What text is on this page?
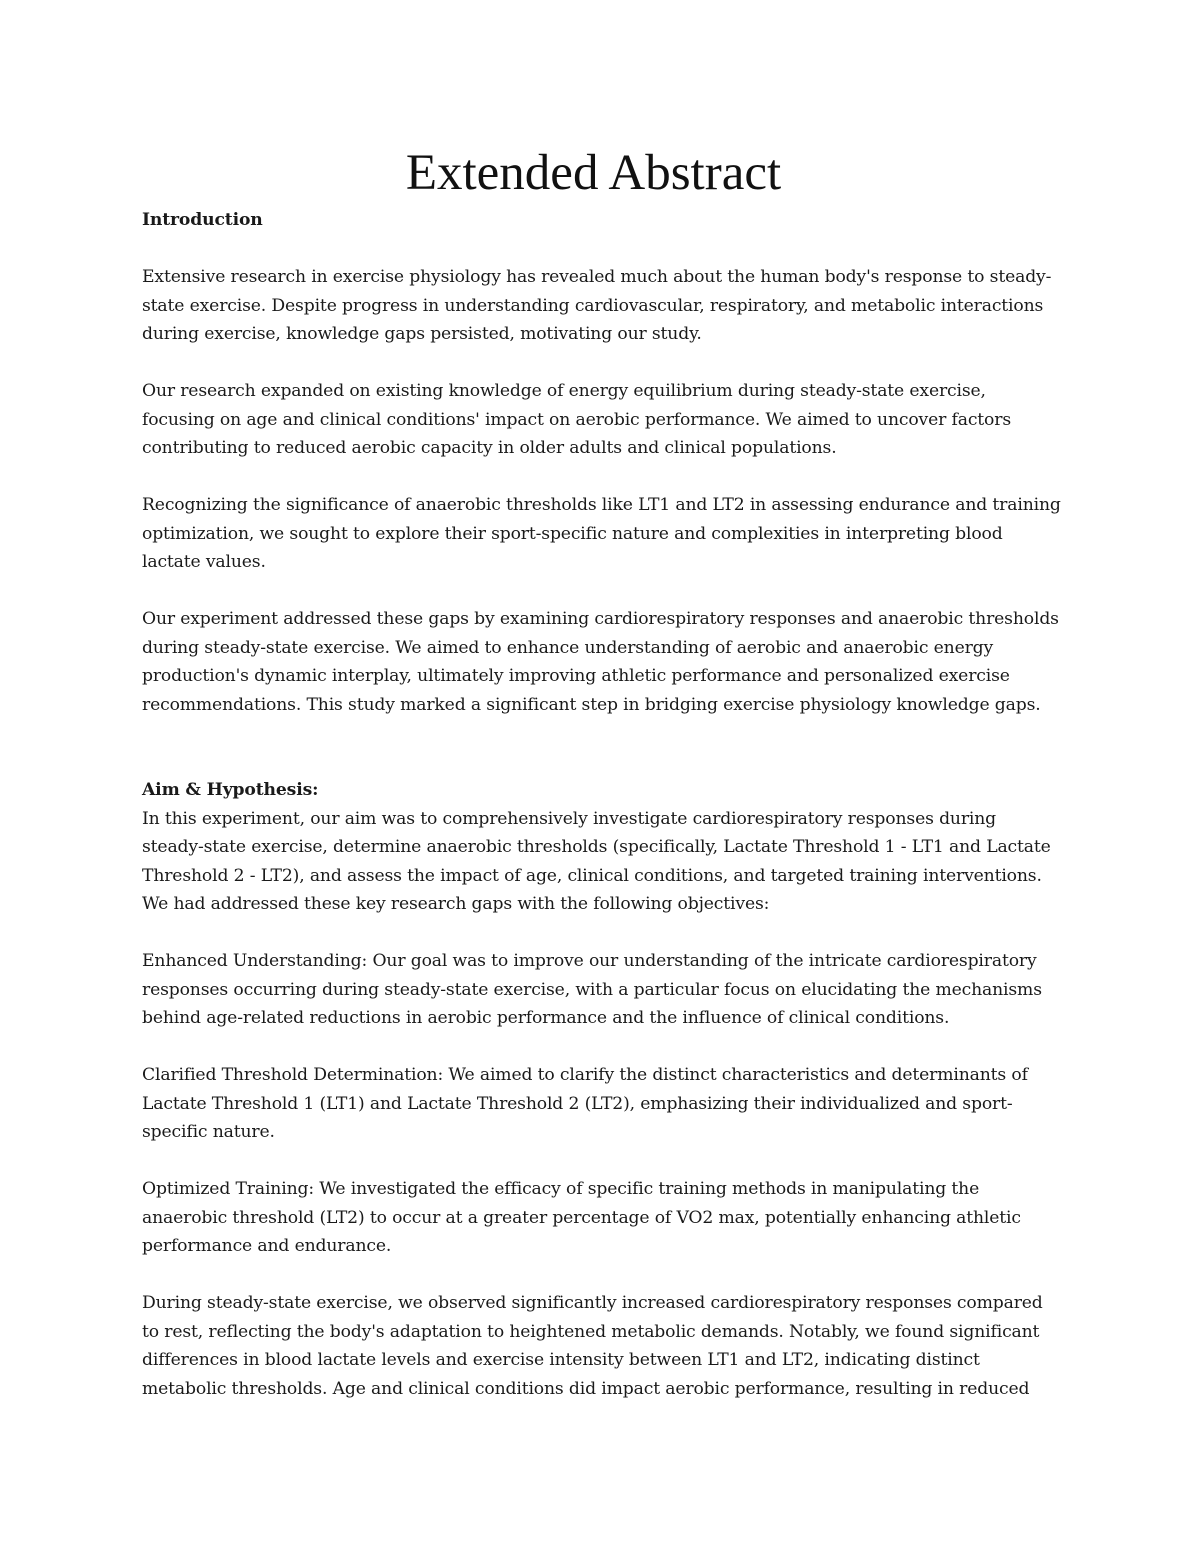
Extended Abstract

Introduction

Extensive research in exercise physiology has revealed much about the human body's response to steady-state exercise. Despite progress in understanding cardiovascular, respiratory, and metabolic interactions during exercise, knowledge gaps persisted, motivating our study.

Our research expanded on existing knowledge of energy equilibrium during steady-state exercise, focusing on age and clinical conditions' impact on aerobic performance. We aimed to uncover factors contributing to reduced aerobic capacity in older adults and clinical populations.

Recognizing the significance of anaerobic thresholds like LT1 and LT2 in assessing endurance and training optimization, we sought to explore their sport-specific nature and complexities in interpreting blood lactate values.

Our experiment addressed these gaps by examining cardiorespiratory responses and anaerobic thresholds during steady-state exercise. We aimed to enhance understanding of aerobic and anaerobic energy production's dynamic interplay, ultimately improving athletic performance and personalized exercise recommendations. This study marked a significant step in bridging exercise physiology knowledge gaps.

Aim & Hypothesis:

In this experiment, our aim was to comprehensively investigate cardiorespiratory responses during steady-state exercise, determine anaerobic thresholds (specifically, Lactate Threshold 1 - LT1 and Lactate Threshold 2 - LT2), and assess the impact of age, clinical conditions, and targeted training interventions. We had addressed these key research gaps with the following objectives:

Enhanced Understanding: Our goal was to improve our understanding of the intricate cardiorespiratory responses occurring during steady-state exercise, with a particular focus on elucidating the mechanisms behind age-related reductions in aerobic performance and the influence of clinical conditions.

Clarified Threshold Determination: We aimed to clarify the distinct characteristics and determinants of Lactate Threshold 1 (LT1) and Lactate Threshold 2 (LT2), emphasizing their individualized and sport-specific nature.

Optimized Training: We investigated the efficacy of specific training methods in manipulating the anaerobic threshold (LT2) to occur at a greater percentage of VO2 max, potentially enhancing athletic performance and endurance.

During steady-state exercise, we observed significantly increased cardiorespiratory responses compared to rest, reflecting the body's adaptation to heightened metabolic demands. Notably, we found significant differences in blood lactate levels and exercise intensity between LT1 and LT2, indicating distinct metabolic thresholds. Age and clinical conditions did impact aerobic performance, resulting in reduced
